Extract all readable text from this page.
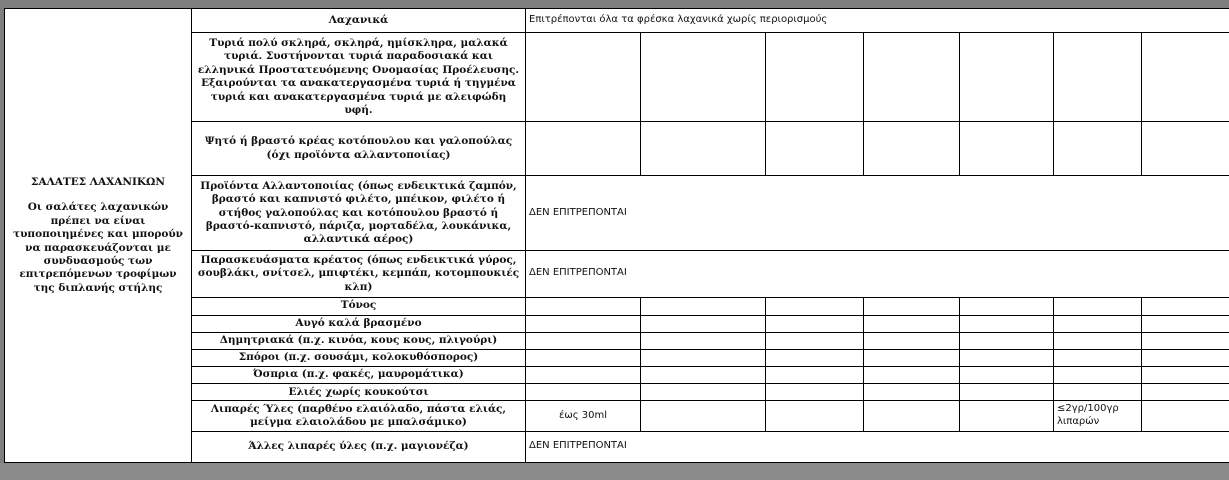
ΣΑΛΑΤΕΣ ΛΑΧΑΝΙΚΩΝ
Οι σαλάτες λαχανικών πρέπει να είναι τυποποιημένες και μπορούν να παρασκευάζονται με συνδυασμούς των επιτρεπόμενων τροφίμων της διπλανής στήλης	Λαχανικά	Επιτρέπονται όλα τα φρέσκα λαχανικά χωρίς περιορισμούς						
	Τυριά πολύ σκληρά, σκληρά, ημίσκληρα, μαλακά τυριά. Συστήνονται τυριά παραδοσιακά και ελληνικά Προστατευόμενης Ονομασίας Προέλευσης. Εξαιρούνται τα ανακατεργασμένα τυριά ή τηγμένα τυριά και ανακατεργασμένα τυριά με αλειφώδη υφή.							
	Ψητό ή βραστό κρέας κοτόπουλου και γαλοπούλας (όχι προϊόντα αλλαντοποιίας)							
	Προϊόντα Αλλαντοποιίας (όπως ενδεικτικά ζαμπόν, βραστό και καπνιστό φιλέτο, μπέικον, φιλέτο ή στήθος γαλοπούλας και κοτόπουλου βραστό ή βραστό-καπνιστό, πάριζα, μορταδέλα, λουκάνικα, αλλαντικά αέρος)	ΔΕΝ ΕΠΙΤΡΕΠΟΝΤΑΙ						
	Παρασκευάσματα κρέατος (όπως ενδεικτικά γύρος, σουβλάκι, σνίτσελ, μπιφτέκι, κεμπάπ, κοτομπουκιές κλπ)	ΔΕΝ ΕΠΙΤΡΕΠΟΝΤΑΙ						
	Τόνος							
	Αυγό καλά βρασμένο							
	Δημητριακά (π.χ. κινόα, κους κους, πλιγούρι)							
	Σπόροι (π.χ. σουσάμι, κολοκυθόσπορος)							
	Όσπρια (π.χ. φακές, μαυρομάτικα)							
	Ελιές χωρίς κουκούτσι							
	Λιπαρές Ύλες (παρθένο ελαιόλαδο, πάστα ελιάς, μείγμα ελαιολάδου με μπαλσάμικο)	έως 30ml					≤2γρ/100γρ λιπαρών	
	Άλλες λιπαρές ύλες (π.χ. μαγιονέζα)	ΔΕΝ ΕΠΙΤΡΕΠΟΝΤΑΙ						
